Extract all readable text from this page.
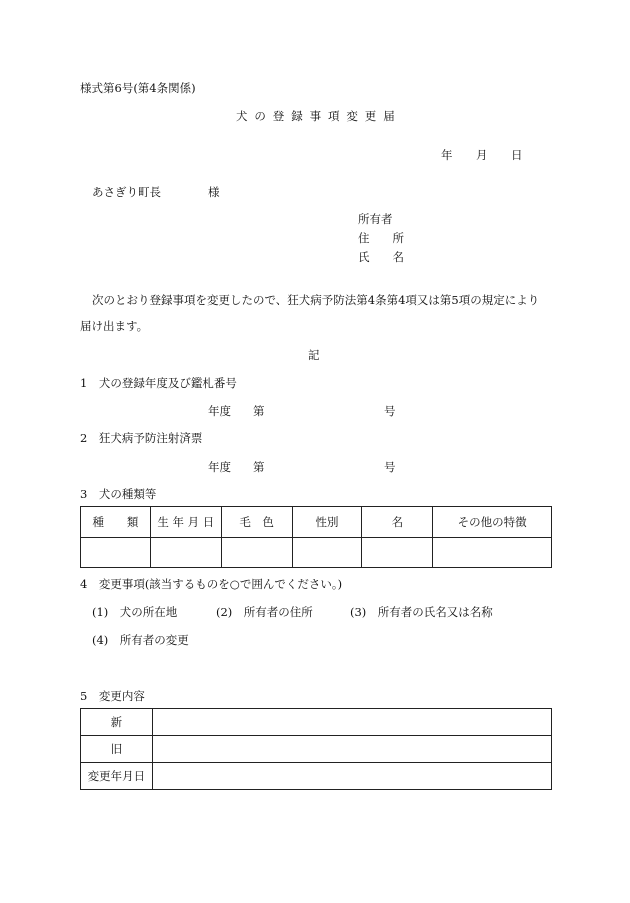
様式第6号(第4条関係)
犬の登録事項変更届
年 月 日
あさぎり町長	様
所有者
住　　所
氏　　名
次のとおり登録事項を変更したので、狂犬病予防法第4条第4項又は第5項の規定により
届け出ます。
記
1　犬の登録年度及び鑑札番号
年度 第	号
2　狂犬病予防注射済票
年度 第	号
3　犬の種類等
種　　類	生 年 月 日	毛　色	性別	名	その他の特徴

4　変更事項(該当するものを○で囲んでください。)
(1)　犬の所在地	(2)　所有者の住所	(3)　所有者の氏名又は名称
(4)　所有者の変更
5　変更内容
新	
旧	
変更年月日	
